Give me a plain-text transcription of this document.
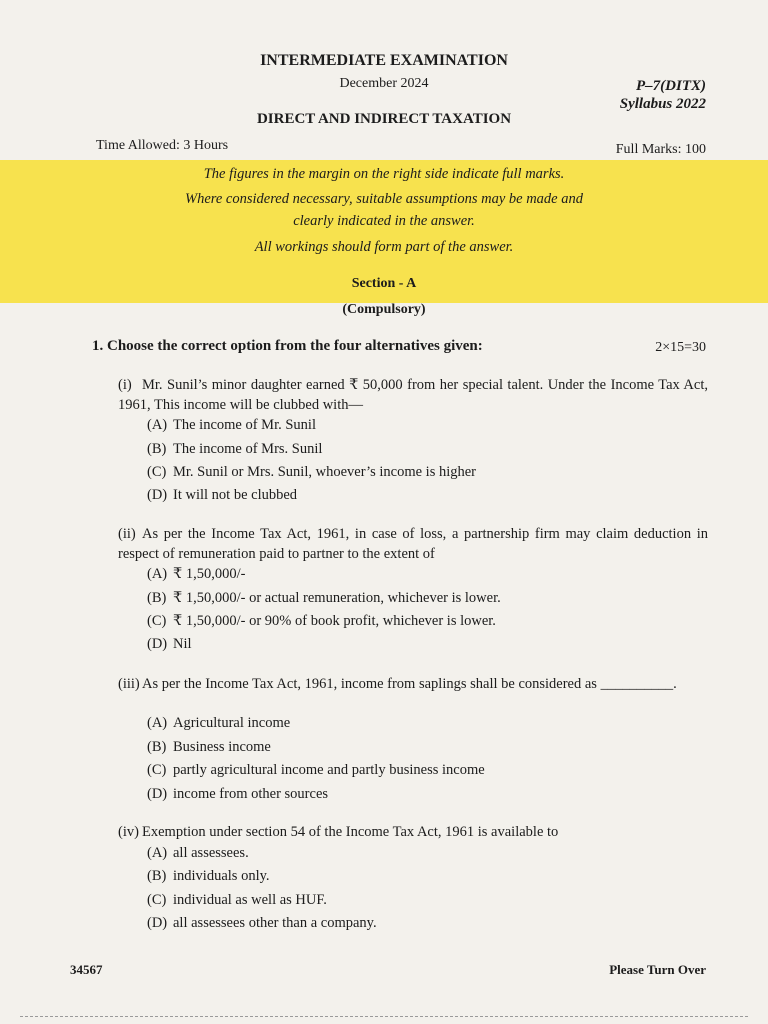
INTERMEDIATE EXAMINATION
December 2024	P–7(DITX)
Syllabus 2022
DIRECT AND INDIRECT TAXATION
Time Allowed: 3 Hours	Full Marks: 100
The figures in the margin on the right side indicate full marks.
Where considered necessary, suitable assumptions may be made and
clearly indicated in the answer.
All workings should form part of the answer.
Section - A
(Compulsory)
1. Choose the correct option from the four alternatives given:	2×15=30
(i) Mr. Sunil’s minor daughter earned ₹ 50,000 from her special talent. Under the Income Tax Act, 1961, This income will be clubbed with—
(A) The income of Mr. Sunil
(B) The income of Mrs. Sunil
(C) Mr. Sunil or Mrs. Sunil, whoever’s income is higher
(D) It will not be clubbed
(ii) As per the Income Tax Act, 1961, in case of loss, a partnership firm may claim deduction in respect of remuneration paid to partner to the extent of
(A) ₹ 1,50,000/-
(B) ₹ 1,50,000/- or actual remuneration, whichever is lower.
(C) ₹ 1,50,000/- or 90% of book profit, whichever is lower.
(D) Nil
(iii) As per the Income Tax Act, 1961, income from saplings shall be considered as __________.
(A) Agricultural income
(B) Business income
(C) partly agricultural income and partly business income
(D) income from other sources
(iv) Exemption under section 54 of the Income Tax Act, 1961 is available to
(A) all assessees.
(B) individuals only.
(C) individual as well as HUF.
(D) all assessees other than a company.
34567	Please Turn Over
